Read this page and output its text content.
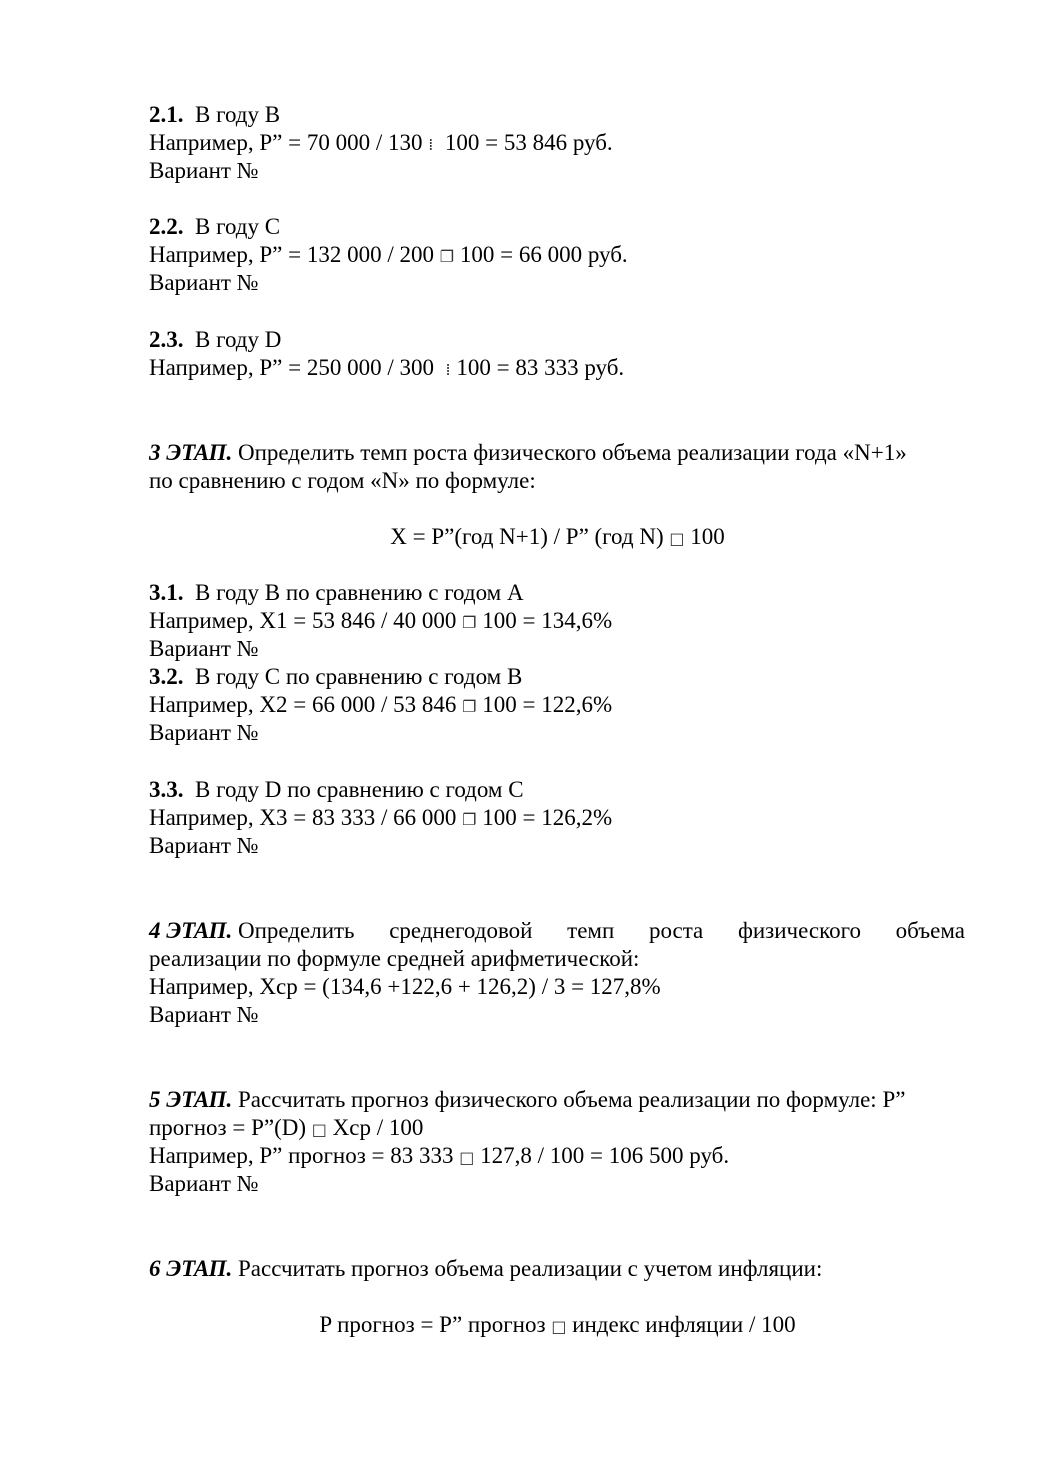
2.1. В году В
Например, P” = 70 000 / 130 ⁞ 100 = 53 846 руб.
Вариант №
2.2. В году С
Например, P” = 132 000 / 200 ❐ 100 = 66 000 руб.
Вариант №
2.3. В году D
Например, P” = 250 000 / 300 ⁞ 100 = 83 333 руб.
3 ЭТАП. Определить темп роста физического объема реализации года «N+1»
по сравнению с годом «N» по формуле:
X = P”(год N+1) / P” (год N) □ 100
3.1. В году В по сравнению с годом А
Например, X1 = 53 846 / 40 000 ❐ 100 = 134,6%
Вариант №
3.2. В году С по сравнению с годом В
Например, X2 = 66 000 / 53 846 ❐ 100 = 122,6%
Вариант №
3.3. В году D по сравнению с годом С
Например, X3 = 83 333 / 66 000 ❐ 100 = 126,2%
Вариант №
4 ЭТАП. Определить среднегодовой темп роста физического объема
реализации по формуле средней арифметической:
Например, Xср = (134,6 +122,6 + 126,2) / 3 = 127,8%
Вариант №
5 ЭТАП. Рассчитать прогноз физического объема реализации по формуле: P”
прогноз = P”(D) □ Xср / 100
Например, P” прогноз = 83 333 □ 127,8 / 100 = 106 500 руб.
Вариант №
6 ЭТАП. Рассчитать прогноз объема реализации с учетом инфляции:
P прогноз = P” прогноз □ индекс инфляции / 100
